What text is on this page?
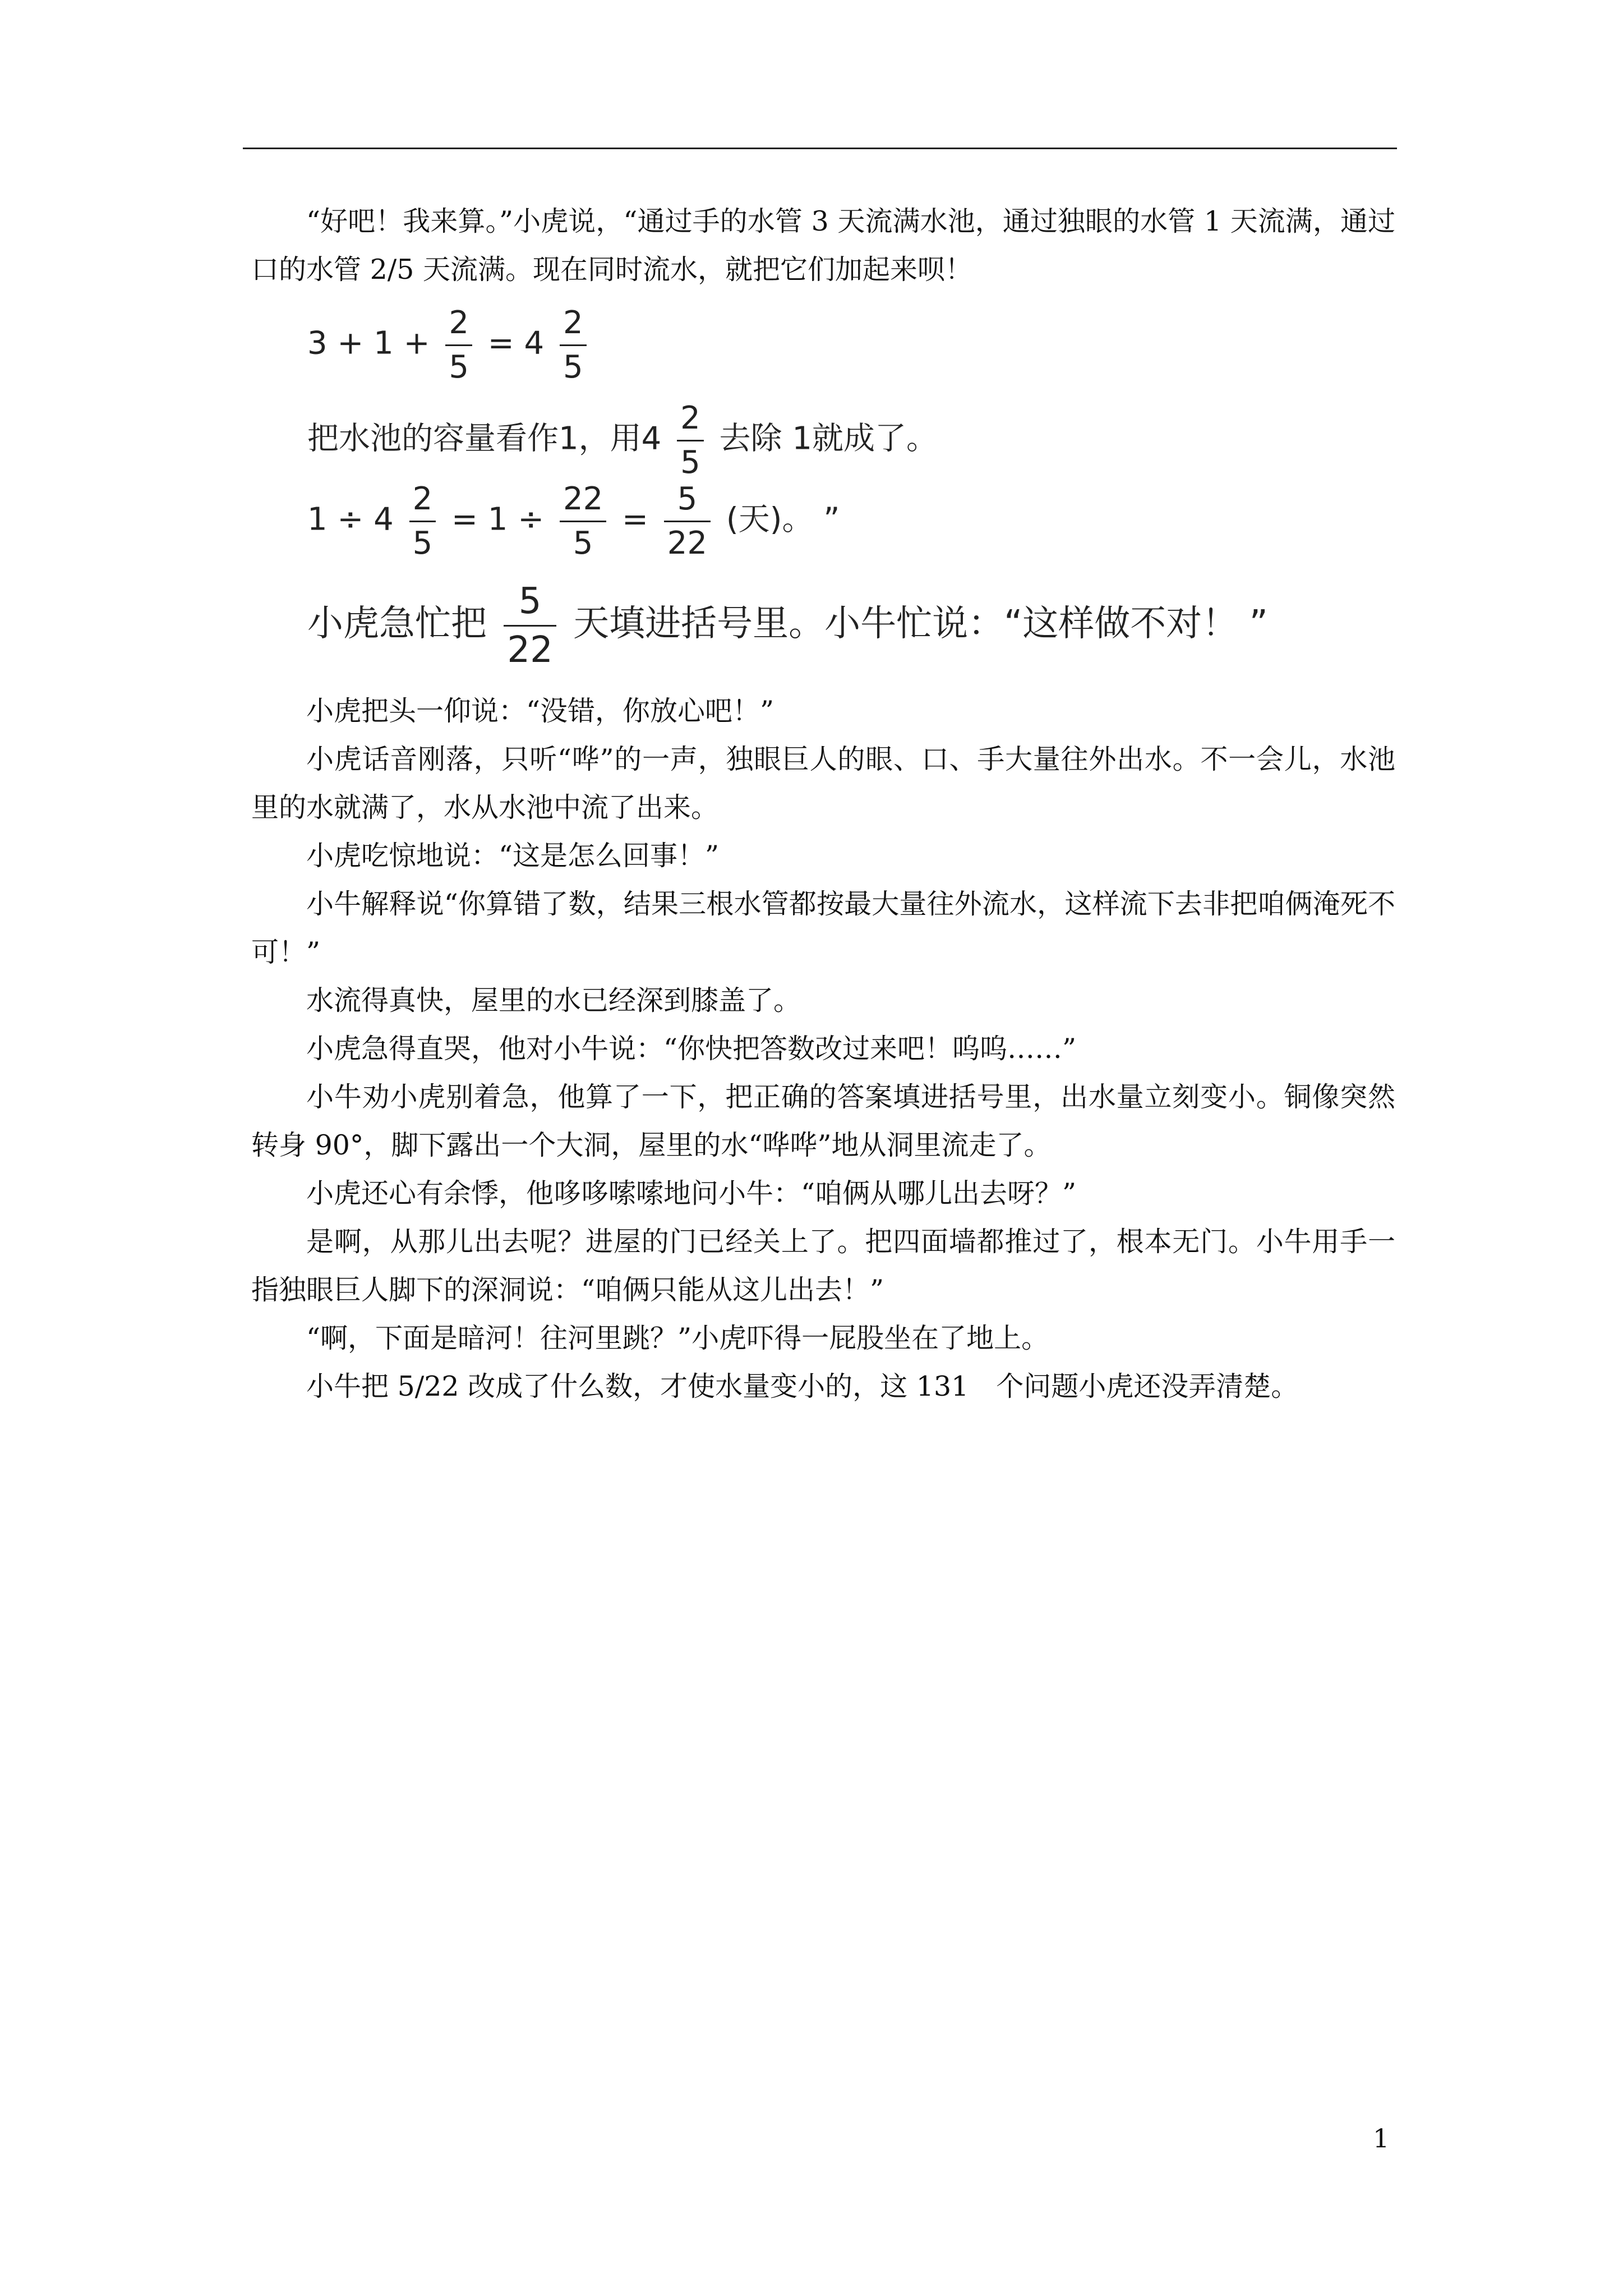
“好吧！我来算。”小虎说，“通过手的水管 3 天流满水池，通过独眼的水管 1 天流满，通过口的水管 2/5 天流满。现在同时流水，就把它们加起来呗！

$3 + 1 + \frac{2}{5} = 4 \frac{2}{5}$
把水池的容量看作1，用$4 \frac{2}{5}$ 去除 1就成了。
$1 \div 4 \frac{2}{5} = 1 \div \frac{22}{5} = \frac{5}{22}$ (天)。 ”
小虎急忙把 $\frac{5}{22}$ 天填进括号里。小牛忙说：“这样做不对！ ”

小虎把头一仰说：“没错，你放心吧！”

小虎话音刚落，只听“哗”的一声，独眼巨人的眼、口、手大量往外出水。不一会儿，水池里的水就满了，水从水池中流了出来。

小虎吃惊地说：“这是怎么回事！”

小牛解释说“你算错了数，结果三根水管都按最大量往外流水，这样流下去非把咱俩淹死不可！”

水流得真快，屋里的水已经深到膝盖了。

小虎急得直哭，他对小牛说：“你快把答数改过来吧！呜呜……”

小牛劝小虎别着急，他算了一下，把正确的答案填进括号里，出水量立刻变小。铜像突然转身 90°，脚下露出一个大洞，屋里的水“哗哗”地从洞里流走了。

小虎还心有余悸，他哆哆嗦嗦地问小牛：“咱俩从哪儿出去呀？”

是啊，从那儿出去呢？进屋的门已经关上了。把四面墙都推过了，根本无门。小牛用手一指独眼巨人脚下的深洞说：“咱俩只能从这儿出去！”

“啊，下面是暗河！往河里跳？”小虎吓得一屁股坐在了地上。

小牛把 5/22 改成了什么数，才使水量变小的，这 131　个问题小虎还没弄清楚。

1
